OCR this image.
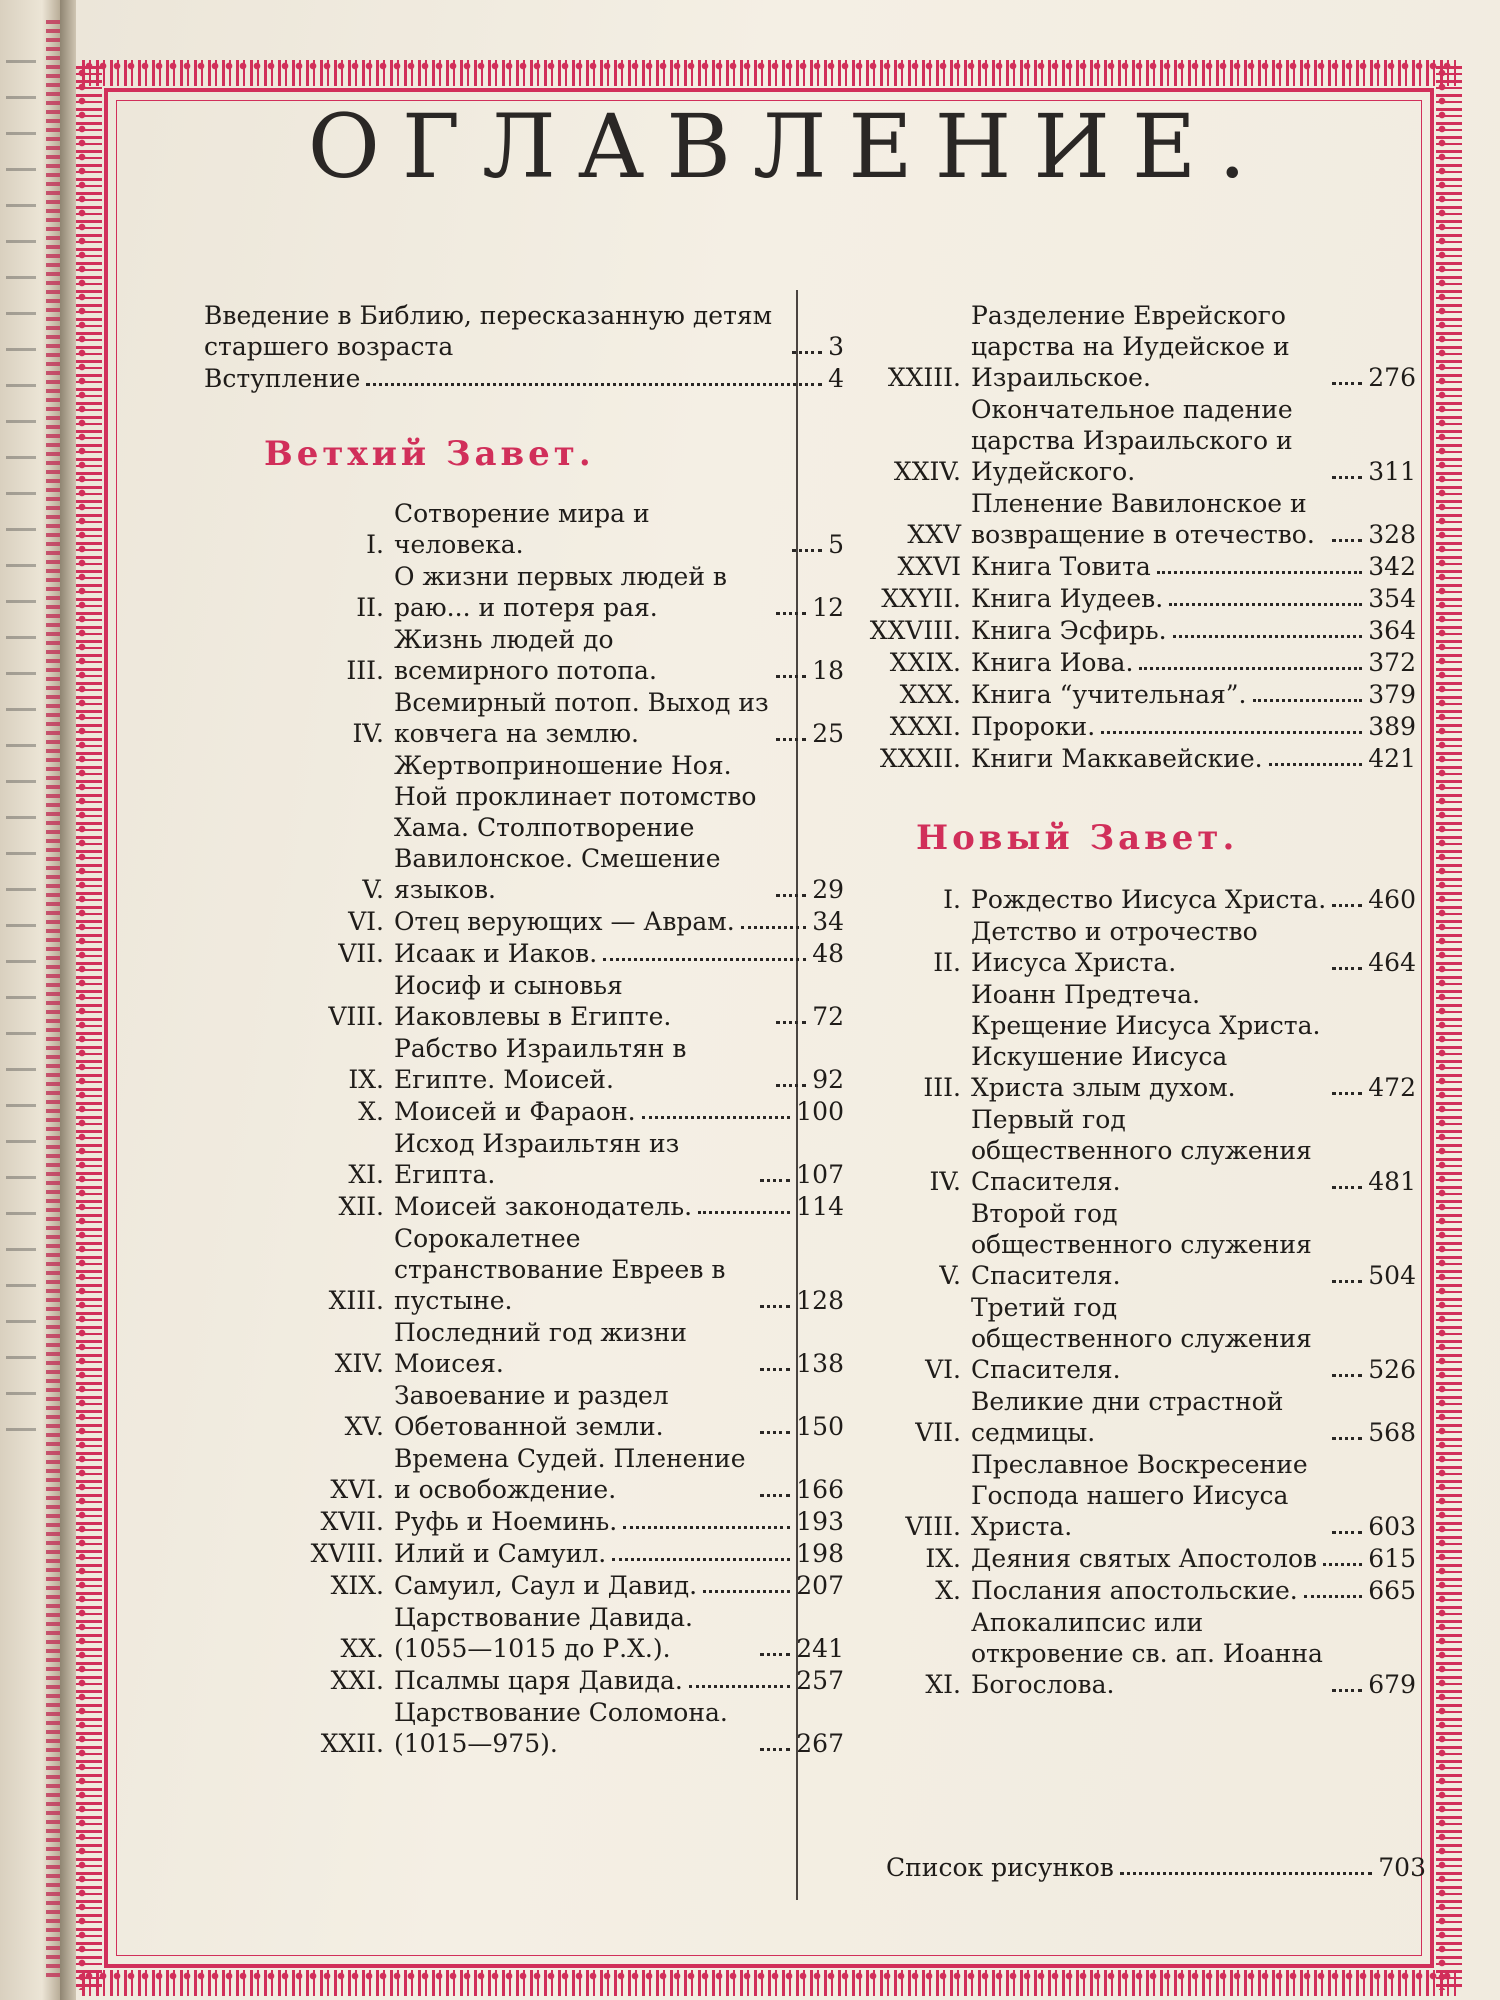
ОГЛАВЛЕНИЕ.
Введение в Библию, пересказанную детям старшего возраста	3
Вступление	4
Ветхий Завет.
I.
Сотворение мира и человека.	5
II.
О жизни первых людей в раю... и потеря рая.	12
III.
Жизнь людей до всемирного потопа.	18
IV.
Всемирный потоп. Выход из ковчега на землю.	25
V.
Жертвоприношение Ноя. Ной проклинает потомство Хама. Столпотворение Вавилонское. Смешение языков.	29
VI. Отец верующих — Аврам.	34
VII. Исаак и Иаков.	48
VIII.
Иосиф и сыновья Иаковлевы в Египте.	72
IX.
Рабство Израильтян в Египте. Моисей.	92
X. Моисей и Фараон.	100
XI.
Исход Израильтян из Египта.	107
XII. Моисей законодатель.	114
XIII.
Сорокалетнее странствование Евреев в пустыне.	128
XIV.
Последний год жизни Моисея.	138
XV.
Завоевание и раздел Обетованной земли.	150
XVI.
Времена Судей. Пленение и освобождение.	166
XVII. Руфь и Ноеминь.	193
XVIII. Илий и Самуил.	198
XIX. Самуил, Саул и Давид.	207
XX.
Царствование Давида. (1055—1015 до Р.Х.).	241
XXI. Псалмы царя Давида.	257
XXII.
Царствование Соломона. (1015—975).	267
XXIII.
Разделение Еврейского царства на Иудейское и Израильское.	276
XXIV.
Окончательное падение царства Израильского и Иудейского.	311
XXV
Пленение Вавилонское и возвращение в отечество.	328
XXVI Книга Товита	342
XXYII. Книга Иудеев.	354
XXVIII. Книга Эсфирь.	364
XXIX. Книга Иова.	372
XXX. Книга “учительная”.	379
XXXI. Пророки.	389
XXXII. Книги Маккавейские.	421
Новый Завет.
I. Рождество Иисуса Христа. 460
II.
Детство и отрочество Иисуса Христа.	464
III.
Иоанн Предтеча. Крещение Иисуса Христа. Искушение Иисуса Христа злым духом.	472
IV.
Первый год общественного служения Спасителя.	481
V.
Второй год общественного служения Спасителя.	504
VI.
Третий год общественного служения Спасителя.	526
VII.
Великие дни страстной седмицы.	568
VIII.
Преславное Воскресение Господа нашего Иисуса Христа.	603
IX. Деяния святых Апостолов 615
X. Послания апостольские.	665
XI.
Апокалипсис или откровение св. ап. Иоанна Богослова.	679
Список рисунков	703
